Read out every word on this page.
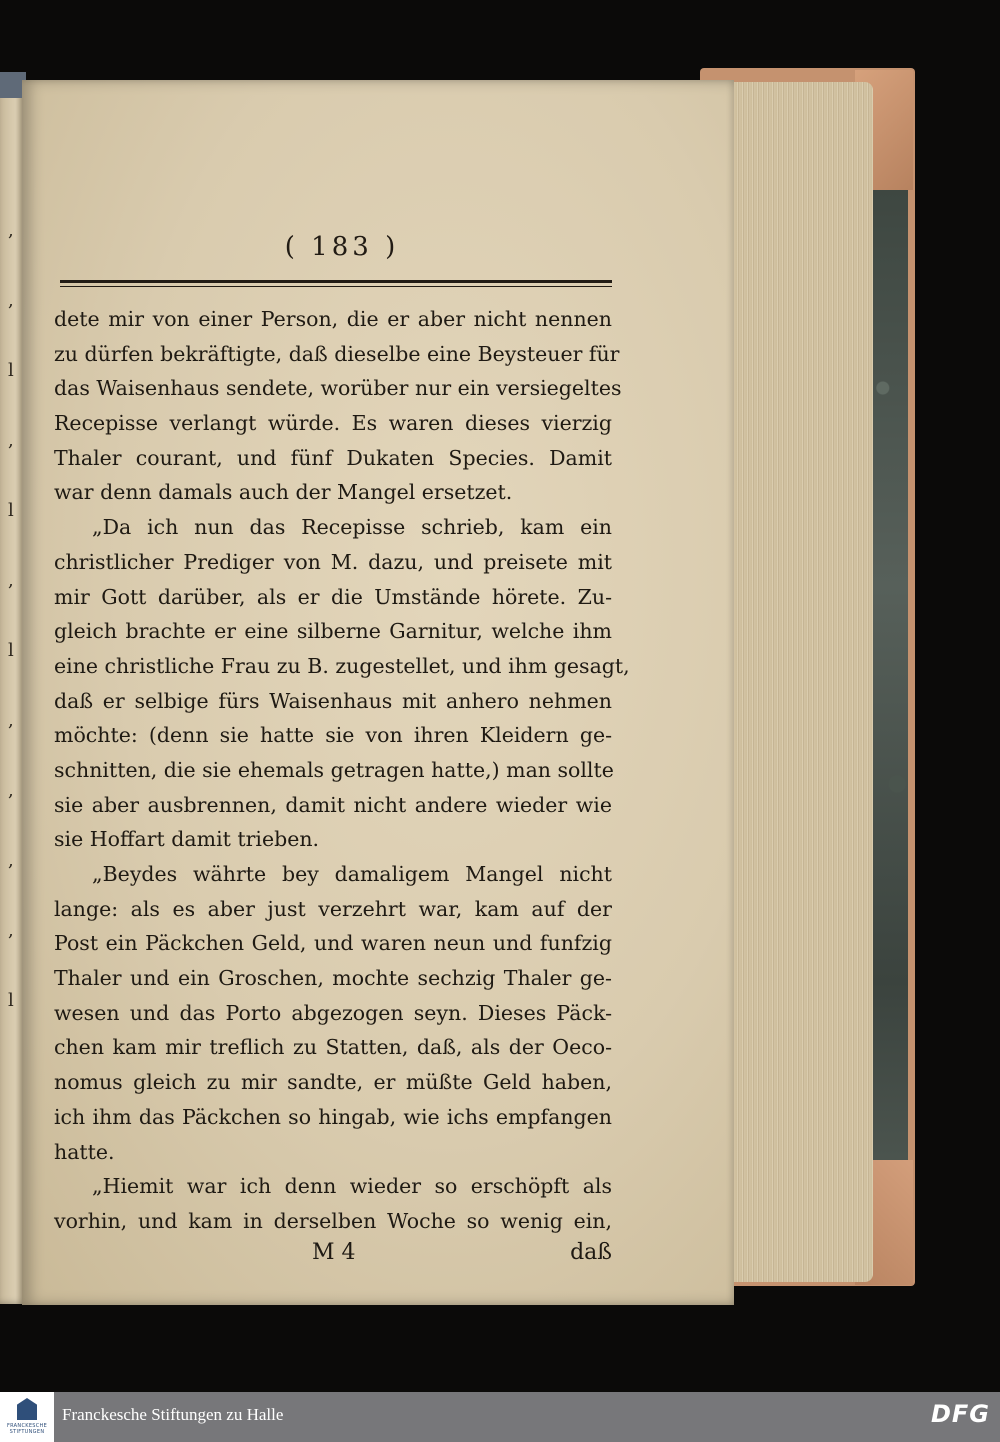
,
,
l
,
l
,
l
,
,
,
,
l
( 183 )
dete mir von einer Person, die er aber nicht nennen
zu dürfen bekräftigte, daß dieselbe eine Beysteuer für
das Waisenhaus sendete, worüber nur ein versiegeltes
Recepisse verlangt würde. Es waren dieses vierzig
Thaler courant, und fünf Dukaten Species. Damit
war denn damals auch der Mangel ersetzet.
„Da ich nun das Recepisse schrieb, kam ein
christlicher Prediger von M. dazu, und preisete mit
mir Gott darüber, als er die Umstände hörete. Zu-
gleich brachte er eine silberne Garnitur, welche ihm
eine christliche Frau zu B. zugestellet, und ihm gesagt,
daß er selbige fürs Waisenhaus mit anhero nehmen
möchte: (denn sie hatte sie von ihren Kleidern ge-
schnitten, die sie ehemals getragen hatte,) man sollte
sie aber ausbrennen, damit nicht andere wieder wie
sie Hoffart damit trieben.
„Beydes währte bey damaligem Mangel nicht
lange: als es aber just verzehrt war, kam auf der
Post ein Päckchen Geld, und waren neun und funfzig
Thaler und ein Groschen, mochte sechzig Thaler ge-
wesen und das Porto abgezogen seyn. Dieses Päck-
chen kam mir treflich zu Statten, daß, als der Oeco-
nomus gleich zu mir sandte, er müßte Geld haben,
ich ihm das Päckchen so hingab, wie ichs empfangen
hatte.
„Hiemit war ich denn wieder so erschöpft als
vorhin, und kam in derselben Woche so wenig ein,
M 4	daß
FRANCKESCHE STIFTUNGEN
Franckesche Stiftungen zu Halle	DFG
